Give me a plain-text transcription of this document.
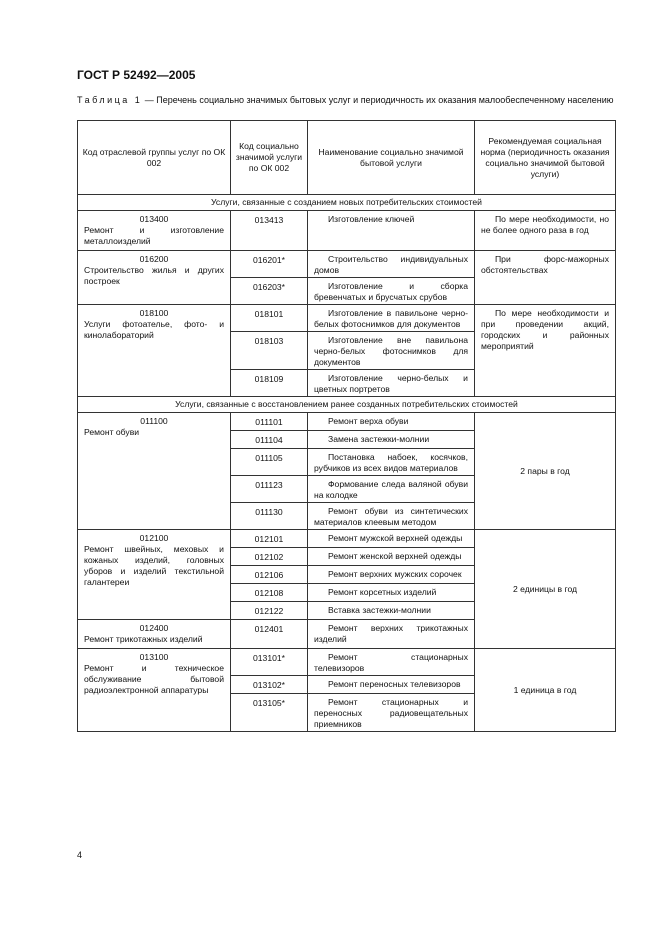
ГОСТ Р 52492—2005
Таблица 1 — Перечень социально значимых бытовых услуг и периодичность их оказания малообеспеченному населению
Код отраслевой группы услуг по ОК 002	Код социально значимой услуги по ОК 002	Наименование социально значимой бытовой услуги	Рекомендуемая социальная норма (периодичность оказания социально значимой бытовой услуги)
Услуги, связанные с созданием новых потребительских стоимостей			

013400
Ремонт и изготовление металлоизделий	013413	Изготовление ключей	По мере необходимости, но не более одного раза в год

016200
Строительство жилья и других построек	016201*	Строительство индивидуальных домов	При форс-мажорных обстоятельствах
	016203*	Изготовление и сборка бревенчатых и брусчатых срубов	

018100
Услуги фотоательe, фото- и кинолабораторий	018101	Изготовление в павильоне черно-белых фотоснимков для документов	По мере необходимости и при проведении акций, городских и районных мероприятий
	018103	Изготовление вне павильона черно-белых фотоснимков для документов	
	018109	Изготовление черно-белых и цветных портретов	
Услуги, связанные с восстановлением ранее созданных потребительских стоимостей			

011100
Ремонт обуви	011101	Ремонт верха обуви	2 пары в год
	011104	Замена застежки-молнии	
	011105	Постановка набоек, косячков, рубчиков из всех видов материалов	
	011123	Формование следа валяной обуви на колодке	
	011130	Ремонт обуви из синтетических материалов клеевым методом	

012100
Ремонт швейных, меховых и кожаных изделий, головных уборов и изделий текстильной галантереи	012101	Ремонт мужской верхней одежды	2 единицы в год
	012102	Ремонт женской верхней одежды	
	012106	Ремонт верхних мужских сорочек	
	012108	Ремонт корсетных изделий	
	012122	Вставка застежки-молнии	

012400
Ремонт трикотажных изделий	012401	Ремонт верхних трикотажных изделий	

013100
Ремонт и техническое обслуживание бытовой радиоэлектронной аппаратуры	013101*	Ремонт стационарных телевизоров	1 единица в год
	013102*	Ремонт переносных телевизоров	
	013105*	Ремонт стационарных и переносных радиовещательных приемников	
4
